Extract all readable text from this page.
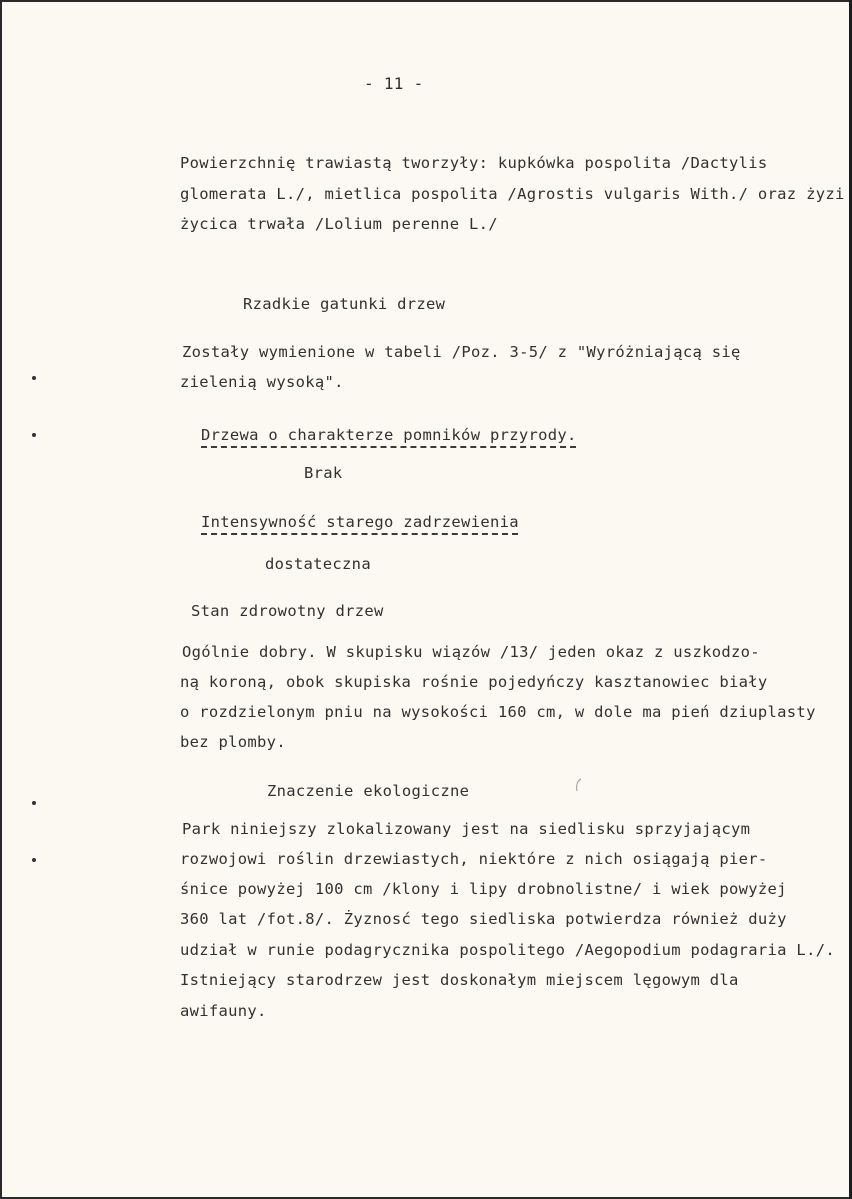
- 11 -
Powierzchnię trawiastą tworzyły: kupkówka pospolita /Dactylis
glomerata L./, mietlica pospolita /Agrostis vulgaris With./ oraz żyzi
życica trwała /Lolium perenne L./
Rzadkie gatunki drzew
Zostały wymienione w tabeli /Poz. 3-5/ z "Wyróżniającą się
zielenią wysoką".
Drzewa o charakterze pomników przyrody.
Brak
Intensywność starego zadrzewienia
dostateczna
Stan zdrowotny drzew
Ogólnie dobry. W skupisku wiązów /13/ jeden okaz z uszkodzo-
ną koroną, obok skupiska rośnie pojedyńczy kasztanowiec biały
o rozdzielonym pniu na wysokości 160 cm, w dole ma pień dziuplasty
bez plomby.
Znaczenie ekologiczne
Park niniejszy zlokalizowany jest na siedlisku sprzyjającym
rozwojowi roślin drzewiastych, niektóre z nich osiągają pier-
śnice powyżej 100 cm /klony i lipy drobnolistne/ i wiek powyżej
360 lat /fot.8/. Żyznosć tego siedliska potwierdza również duży
udział w runie podagrycznika pospolitego /Aegopodium podagraria L./.
Istniejący starodrzew jest doskonałym miejscem lęgowym dla
awifauny.
